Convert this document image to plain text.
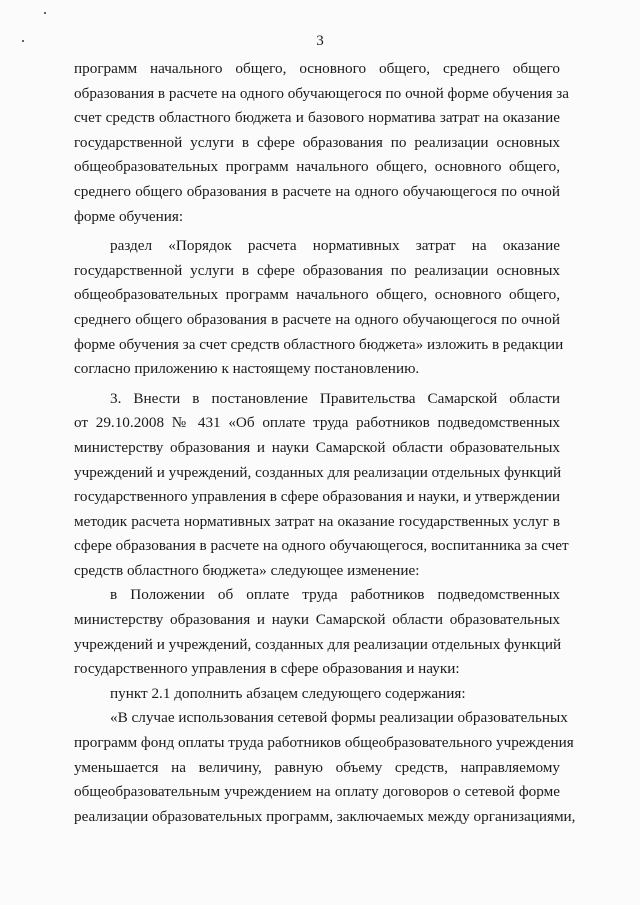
3
программ начального общего, основного общего, среднего общего
образования в расчете на одного обучающегося по очной форме обучения за
счет средств областного бюджета и базового норматива затрат на оказание
государственной услуги в сфере образования по реализации основных
общеобразовательных программ начального общего, основного общего,
среднего общего образования в расчете на одного обучающегося по очной
форме обучения:
раздел «Порядок расчета нормативных затрат на оказание
государственной услуги в сфере образования по реализации основных
общеобразовательных программ начального общего, основного общего,
среднего общего образования в расчете на одного обучающегося по очной
форме обучения за счет средств областного бюджета» изложить в редакции
согласно приложению к настоящему постановлению.
3. Внести в постановление Правительства Самарской области
от 29.10.2008 № 431 «Об оплате труда работников подведомственных
министерству образования и науки Самарской области образовательных
учреждений и учреждений, созданных для реализации отдельных функций
государственного управления в сфере образования и науки, и утверждении
методик расчета нормативных затрат на оказание государственных услуг в
сфере образования в расчете на одного обучающегося, воспитанника за счет
средств областного бюджета» следующее изменение:
в Положении об оплате труда работников подведомственных
министерству образования и науки Самарской области образовательных
учреждений и учреждений, созданных для реализации отдельных функций
государственного управления в сфере образования и науки:
пункт 2.1 дополнить абзацем следующего содержания:
«В случае использования сетевой формы реализации образовательных
программ фонд оплаты труда работников общеобразовательного учреждения
уменьшается на величину, равную объему средств, направляемому
общеобразовательным учреждением на оплату договоров о сетевой форме
реализации образовательных программ, заключаемых между организациями,
